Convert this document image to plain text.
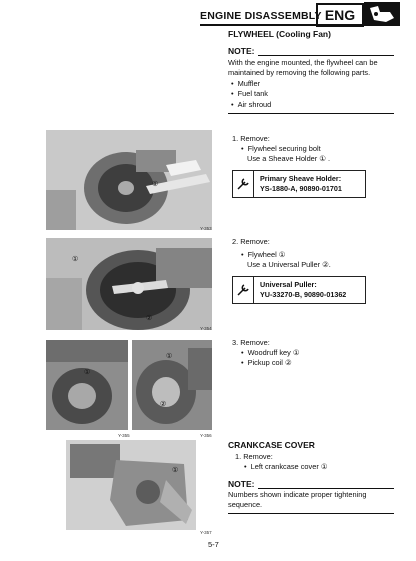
ENGINE DISASSEMBLY ENG
FLYWHEEL (Cooling Fan)
NOTE:
With the engine mounted, the flywheel can be
maintained by removing the following parts.
• Muffler
• Fuel tank
• Air shroud
①
Y-353
1. Remove:
• Flywheel securing bolt
Use a Sheave Holder ① .
Primary Sheave Holder:
YS-1880-A, 90890-01701
①
②
Y-354
2. Remove:
• Flywheel ①
Use a Universal Puller ②.
Universal Puller:
YU-33270-B, 90890-01362
①
Y-355
①
②
Y-356
3. Remove:
• Woodruff key ①
• Pickup coil ②
①
Y-357
CRANKCASE COVER
1. Remove:
• Left crankcase cover ①
NOTE:
Numbers shown indicate proper tightening
sequence.
5-7
